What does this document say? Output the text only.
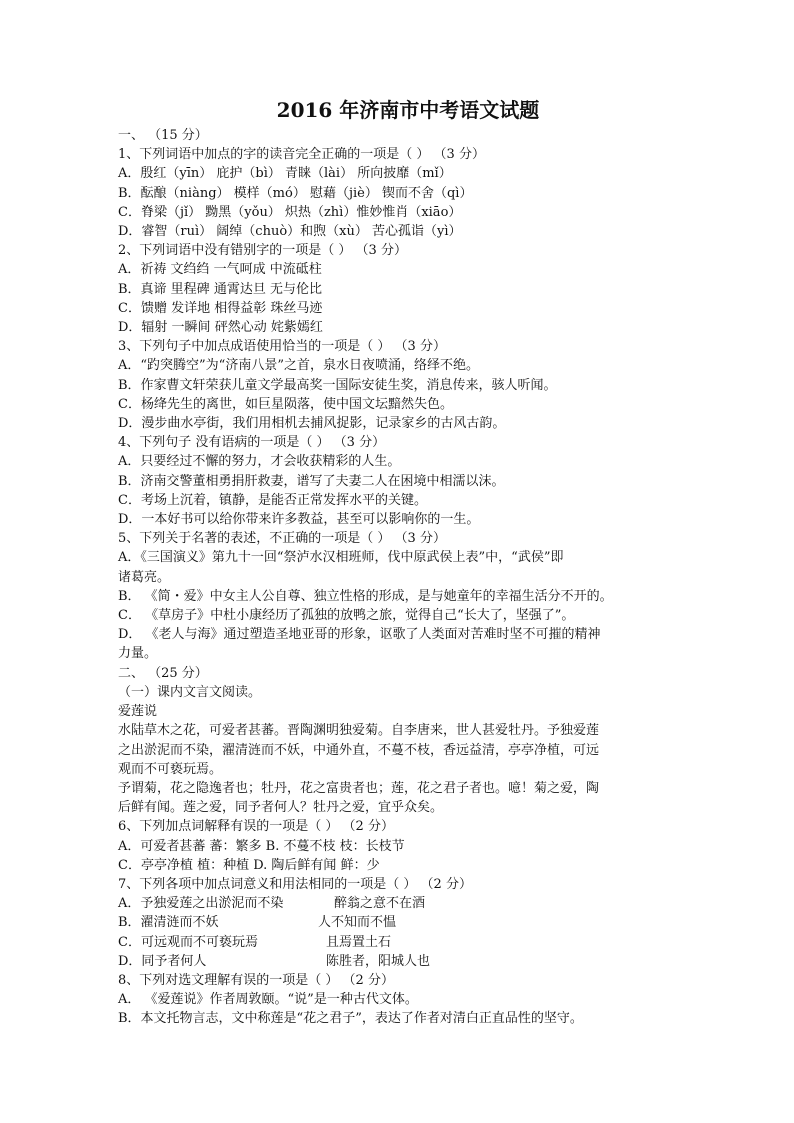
2016 年济南市中考语文试题
一、 （15 分）
1、下列词语中加点的字的读音完全正确的一项是（ ） （3 分）
A．殷红（yīn） 庇护（bì） 青睐（lài） 所向披靡（mǐ）
B．酝酿（niàng） 模样（mó） 慰藉（jiè） 锲而不舍（qì）
C．脊梁（jǐ） 黝黑（yǒu） 炽热（zhì）惟妙惟肖（xiāo）
D．睿智（ruì） 阔绰（chuò）和煦（xù） 苦心孤诣（yì）
2、下列词语中没有错别字的一项是（ ） （3 分）
A．祈祷 文绉绉 一气呵成 中流砥柱
B．真谛 里程碑 通霄达旦 无与伦比
C．馈赠 发详地 相得益彰 珠丝马迹
D．辐射 一瞬间 砰然心动 姹紫嫣红
3、下列句子中加点成语使用恰当的一项是（ ） （3 分）
A．“趵突腾空”为“济南八景”之首，泉水日夜喷涌，络绎不绝。
B．作家曹文轩荣获儿童文学最高奖一国际安徒生奖，消息传来，骇人听闻。
C．杨绛先生的离世，如巨星陨落，使中国文坛黯然失色。
D．漫步曲水亭街，我们用相机去捕风捉影，记录家乡的古风古韵。
4、下列句子 没有语病的一项是（ ） （3 分）
A．只要经过不懈的努力，才会收获精彩的人生。
B．济南交警董相勇捐肝救妻，谱写了夫妻二人在困境中相濡以沫。
C．考场上沉着，镇静，是能否正常发挥水平的关键。
D．一本好书可以给你带来许多教益，甚至可以影响你的一生。
5、下列关于名著的表述，不正确的一项是（ ） （3 分）
A．《三国演义》第九十一回“祭泸水汉相班师，伐中原武侯上表”中，“武侯”即
诸葛亮。
B． 《简・爱》中女主人公自尊、独立性格的形成，是与她童年的幸福生活分不开的。
C． 《草房子》中杜小康经历了孤独的放鸭之旅，觉得自己“长大了，坚强了”。
D． 《老人与海》通过塑造圣地亚哥的形象，讴歌了人类面对苦难时坚不可摧的精神
力量。
二、 （25 分）
（一）课内文言文阅读。
爱莲说
水陆草木之花，可爱者甚蕃。晋陶渊明独爱菊。自李唐来，世人甚爱牡丹。予独爱莲
之出淤泥而不染，濯清涟而不妖，中通外直，不蔓不枝，香远益清，亭亭净植，可远
观而不可亵玩焉。
予谓菊，花之隐逸者也；牡丹，花之富贵者也；莲，花之君子者也。噫！菊之爱，陶
后鲜有闻。莲之爱，同予者何人？牡丹之爱，宜乎众矣。
6、下列加点词解释有误的一项是（ ） （2 分）
A．可爱者甚蕃 蕃：繁多 B. 不蔓不枝 枝：长枝节
C．亭亭净植 植：种植 D. 陶后鲜有闻 鲜：少
7、下列各项中加点词意义和用法相同的一项是（ ） （2 分）
A．予独爱莲之出淤泥而不染	醉翁之意不在酒
B．濯清涟而不妖	人不知而不愠
C．可远观而不可亵玩焉	且焉置土石
D．同予者何人	陈胜者，阳城人也
8、下列对选文理解有误的一项是（ ） （2 分）
A． 《爱莲说》作者周敦颐。“说”是一种古代文体。
B．本文托物言志，文中称莲是“花之君子”，表达了作者对清白正直品性的坚守。
